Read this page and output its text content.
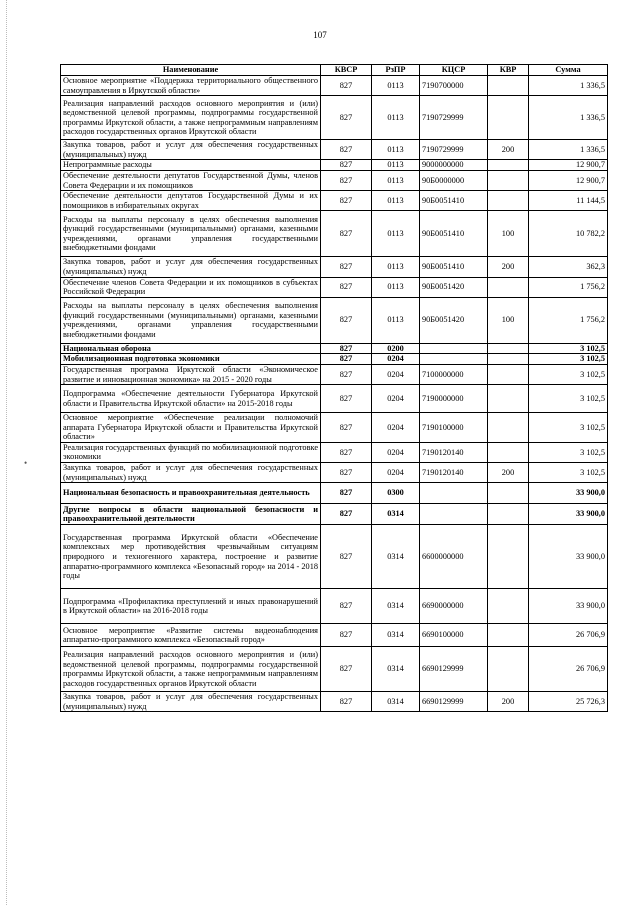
•
107
Наименование	КВСР	РзПР	КЦСР	КВР	Сумма
Основное мероприятие «Поддержка территориального общественного самоуправления в Иркутской области»	827	0113	7190700000		1 336,5
Реализация направлений расходов основного мероприятия и (или) ведомственной целевой программы, подпрограммы государственной программы Иркутской области, а также непрограммным направлениям расходов государственных органов Иркутской области	827	0113	7190729999		1 336,5
Закупка товаров, работ и услуг для обеспечения государственных (муниципальных) нужд	827	0113	7190729999	200	1 336,5
Непрограммные расходы	827	0113	9000000000		12 900,7
Обеспечение деятельности депутатов Государственной Думы, членов Совета Федерации и их помощников	827	0113	90Б0000000		12 900,7
Обеспечение деятельности депутатов Государственной Думы и их помощников в избирательных округах	827	0113	90Б0051410		11 144,5
Расходы на выплаты персоналу в целях обеспечения выполнения функций государственными (муниципальными) органами, казенными учреждениями, органами управления государственными внебюджетными фондами	827	0113	90Б0051410	100	10 782,2
Закупка товаров, работ и услуг для обеспечения государственных (муниципальных) нужд	827	0113	90Б0051410	200	362,3
Обеспечение членов Совета Федерации и их помощников в субъектах Российской Федерации	827	0113	90Б0051420		1 756,2
Расходы на выплаты персоналу в целях обеспечения выполнения функций государственными (муниципальными) органами, казенными учреждениями, органами управления государственными внебюджетными фондами	827	0113	90Б0051420	100	1 756,2
Национальная оборона	827	0200			3 102,5
Мобилизационная подготовка экономики	827	0204			3 102,5
Государственная программа Иркутской области «Экономическое развитие и инновационная экономика» на 2015 - 2020 годы	827	0204	7100000000		3 102,5
Подпрограмма «Обеспечение деятельности Губернатора Иркутской области и Правительства Иркутской области» на 2015-2018 годы	827	0204	7190000000		3 102,5
Основное мероприятие «Обеспечение реализации полномочий аппарата Губернатора Иркутской области и Правительства Иркутской области»	827	0204	7190100000		3 102,5
Реализация государственных функций по мобилизационной подготовке экономики	827	0204	7190120140		3 102,5
Закупка товаров, работ и услуг для обеспечения государственных (муниципальных) нужд	827	0204	7190120140	200	3 102,5
Национальная безопасность и правоохранительная деятельность	827	0300			33 900,0
Другие вопросы в области национальной безопасности и правоохранительной деятельности	827	0314			33 900,0
Государственная программа Иркутской области «Обеспечение комплексных мер противодействия чрезвычайным ситуациям природного и техногенного характера, построение и развитие аппаратно-программного комплекса «Безопасный город» на 2014 - 2018 годы	827	0314	6600000000		33 900,0
Подпрограмма «Профилактика преступлений и иных правонарушений в Иркутской области» на 2016-2018 годы	827	0314	6690000000		33 900,0
Основное мероприятие «Развитие системы видеонаблюдения аппаратно-программного комплекса «Безопасный город»	827	0314	6690100000		26 706,9
Реализация направлений расходов основного мероприятия и (или) ведомственной целевой программы, подпрограммы государственной программы Иркутской области, а также непрограммным направлениям расходов государственных органов Иркутской области	827	0314	6690129999		26 706,9
Закупка товаров, работ и услуг для обеспечения государственных (муниципальных) нужд	827	0314	6690129999	200	25 726,3
